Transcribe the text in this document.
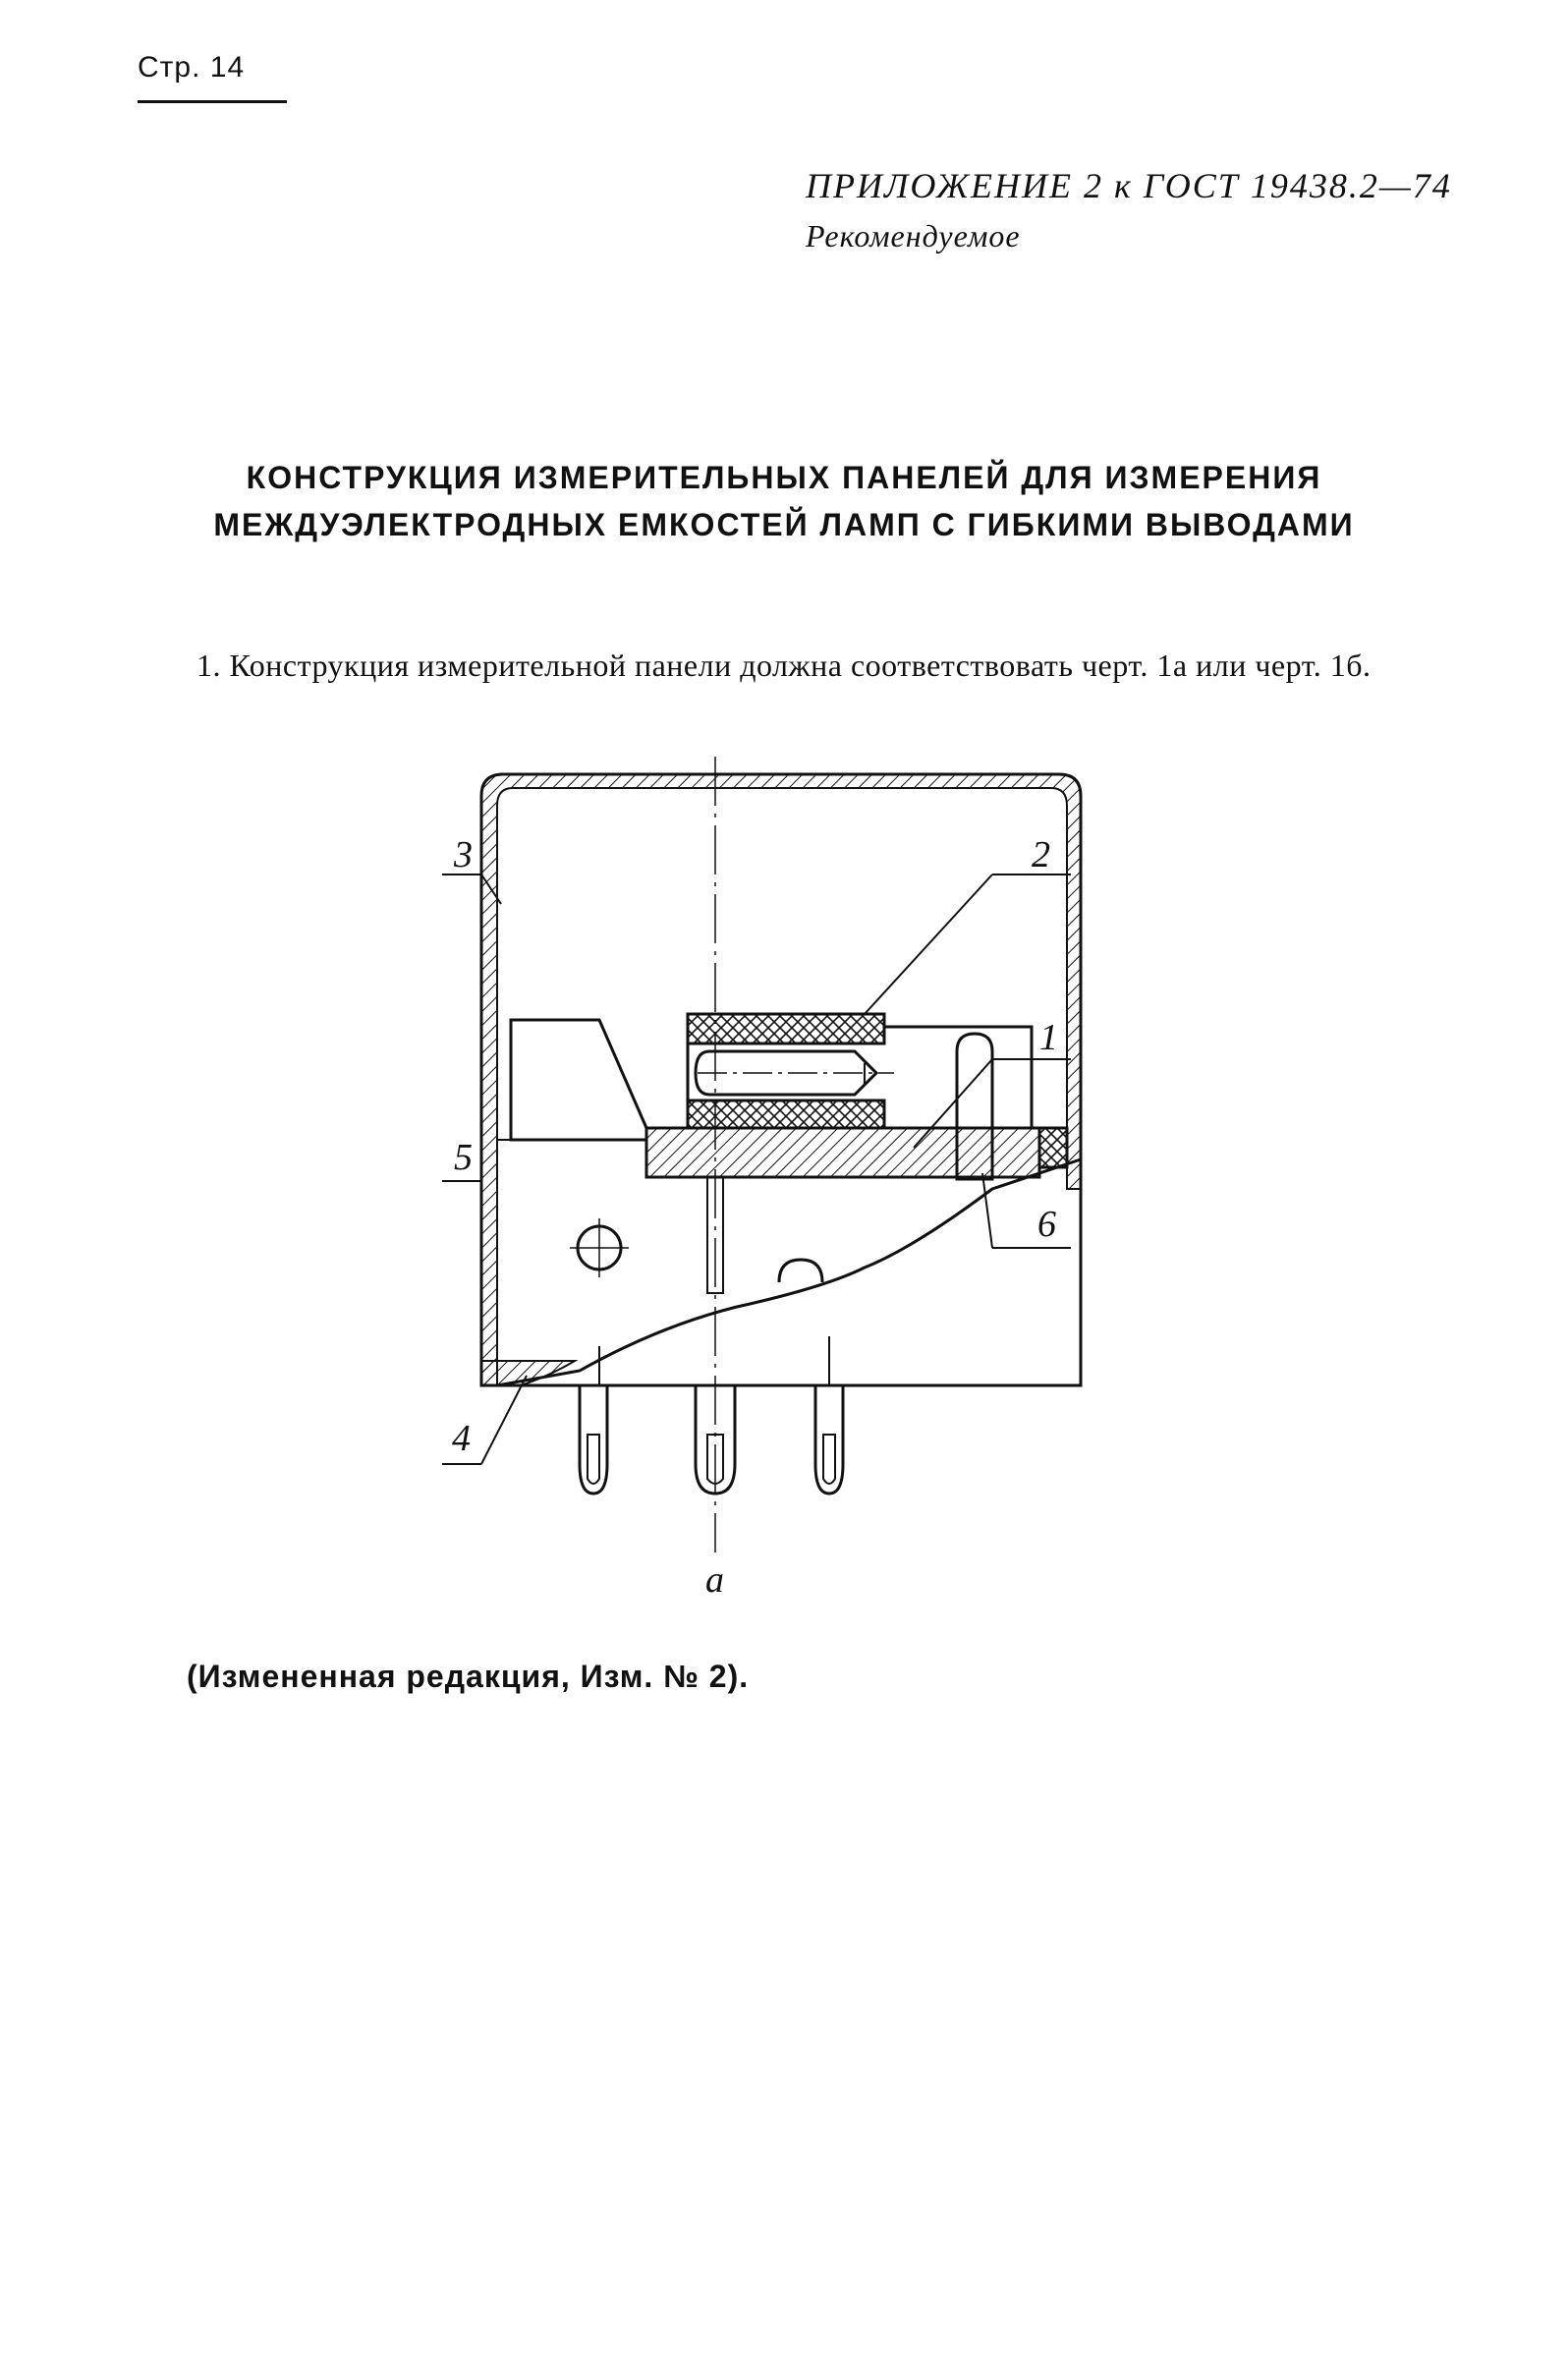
Стр. 14
ПРИЛОЖЕНИЕ 2 к ГОСТ 19438.2—74
Рекомендуемое
КОНСТРУКЦИЯ ИЗМЕРИТЕЛЬНЫХ ПАНЕЛЕЙ ДЛЯ ИЗМЕРЕНИЯ
МЕЖДУЭЛЕКТРОДНЫХ ЕМКОСТЕЙ ЛАМП С ГИБКИМИ ВЫВОДАМИ
1. Конструкция измерительной панели должна соответствовать черт. 1а или черт. 1б.
3	2
1
5
6
4
а
(Измененная редакция, Изм. № 2).
